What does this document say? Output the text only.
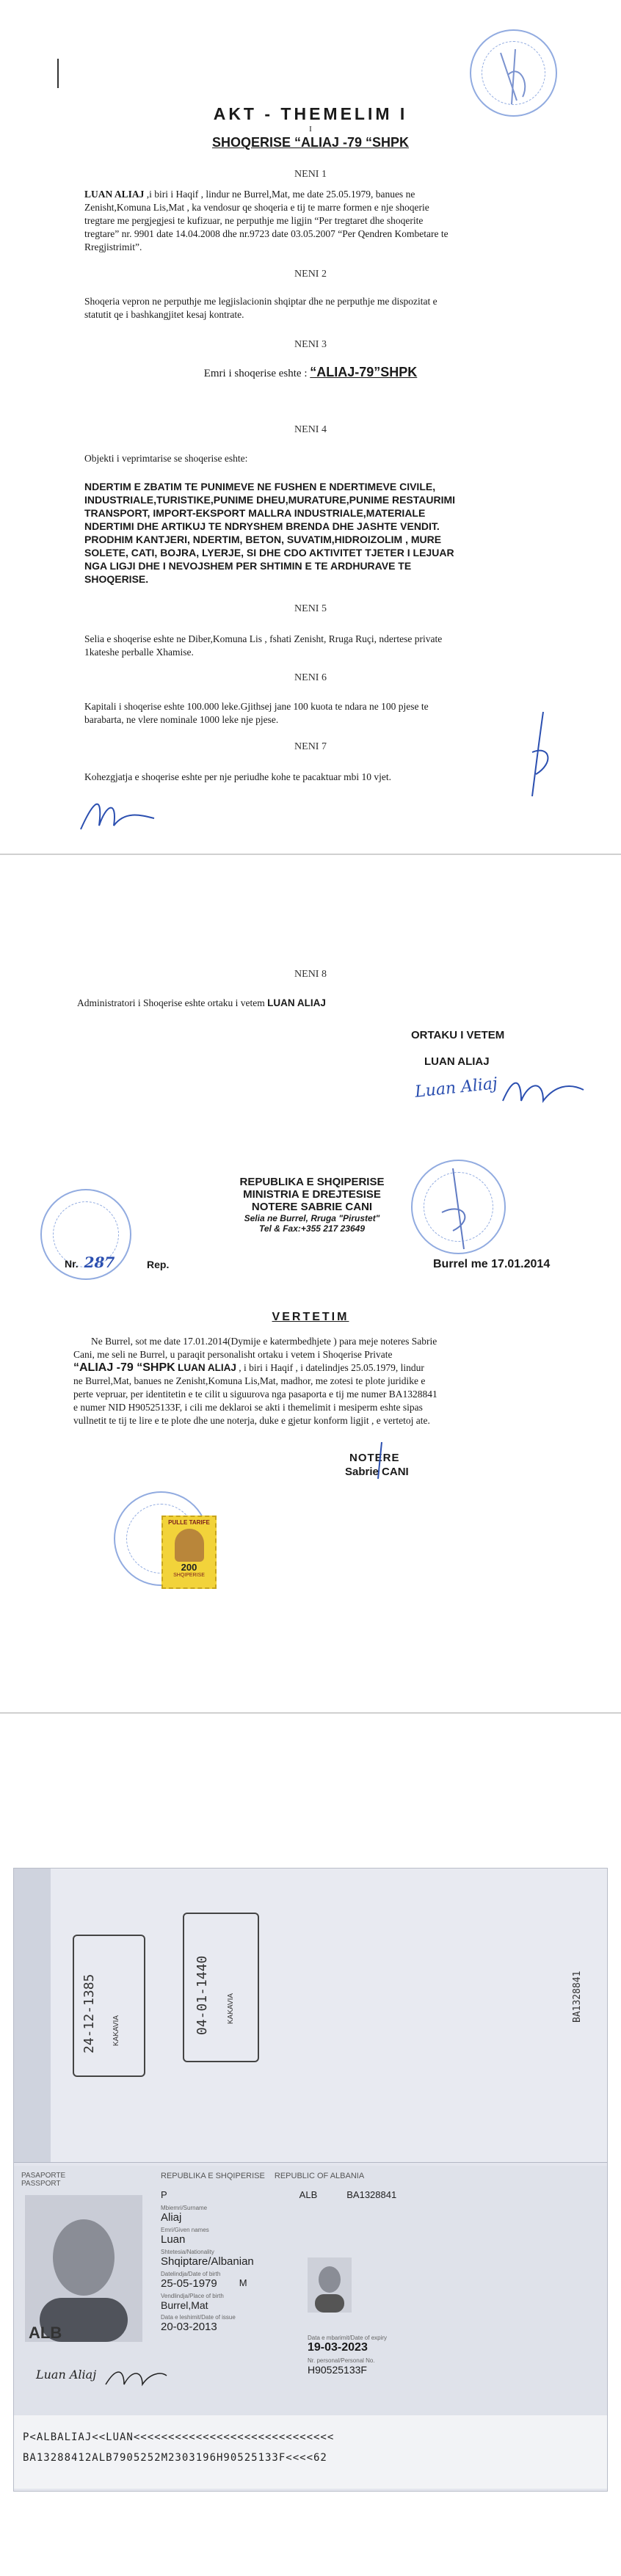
AKT - THEMELIM I
I
SHOQERISE “ALIAJ -79 “SHPK
NENI 1
LUAN ALIAJ ,i biri i Haqif , lindur ne Burrel,Mat, me date 25.05.1979, banues ne
Zenisht,Komuna Lis,Mat , ka vendosur qe shoqeria e tij te marre formen e nje shoqerie
tregtare me pergjegjesi te kufizuar, ne perputhje me ligjin “Per tregtaret dhe shoqerite
tregtare” nr. 9901 date 14.04.2008 dhe nr.9723 date 03.05.2007 “Per Qendren Kombetare te
Rregjistrimit”.
NENI 2
Shoqeria vepron ne perputhje me legjislacionin shqiptar dhe ne perputhje me dispozitat e
statutit qe i bashkangjitet kesaj kontrate.
NENI 3
Emri i shoqerise eshte : “ALIAJ-79”SHPK
NENI 4
Objekti i veprimtarise se shoqerise eshte:
NDERTIM E ZBATIM TE PUNIMEVE NE FUSHEN E NDERTIMEVE CIVILE,
INDUSTRIALE,TURISTIKE,PUNIME DHEU,MURATURE,PUNIME RESTAURIMI
TRANSPORT, IMPORT-EKSPORT MALLRA INDUSTRIALE,MATERIALE
NDERTIMI DHE ARTIKUJ TE NDRYSHEM BRENDA DHE JASHTE VENDIT.
PRODHIM KANTJERI, NDERTIM, BETON, SUVATIM,HIDROIZOLIM , MURE
SOLETE, CATI, BOJRA, LYERJE, SI DHE CDO AKTIVITET TJETER I LEJUAR
NGA LIGJI DHE I NEVOJSHEM PER SHTIMIN E TE ARDHURAVE TE
SHOQERISE.
NENI 5
Selia e shoqerise eshte ne Diber,Komuna Lis , fshati Zenisht, Rruga Ruçi, ndertese private
1kateshe perballe Xhamise.
NENI 6
Kapitali i shoqerise eshte 100.000 leke.Gjithsej jane 100 kuota te ndara ne 100 pjese te
barabarta, ne vlere nominale 1000 leke nje pjese.
NENI 7
Kohezgjatja e shoqerise eshte per nje periudhe kohe te pacaktuar mbi 10 vjet.
NENI 8
Administratori i Shoqerise eshte ortaku i vetem LUAN ALIAJ
ORTAKU I VETEM
LUAN ALIAJ
Luan Aliaj
REPUBLIKA E SHQIPERISE
MINISTRIA E DREJTESISE
NOTERE SABRIE CANI
Selia ne Burrel, Rruga "Pirustet"
Tel & Fax:+355 217 23649
Nr. 287	Rep.	Burrel me 17.01.2014
VERTETIM
Ne Burrel, sot me date 17.01.2014(Dymije e katermbedhjete ) para meje noteres Sabrie
Cani, me seli ne Burrel, u paraqit personalisht ortaku i vetem i Shoqerise Private
“ALIAJ -79 “SHPK LUAN ALIAJ , i biri i Haqif , i datelindjes 25.05.1979, lindur
ne Burrel,Mat, banues ne Zenisht,Komuna Lis,Mat, madhor, me zotesi te plote juridike e
perte vepruar, per identitetin e te cilit u siguurova nga pasaporta e tij me numer BA1328841
e numer NID H90525133F, i cili me deklaroi se akti i themelimit i mesiperm eshte sipas
vullnetit te tij te lire e te plote dhe une noterja, duke e gjetur konform ligjit , e vertetoj ate.
NOTERE
Sabrie CANI
PULLE TARIFE
200
SHQIPERISE
24-12-1385 KAKAVIA	04-01-1440 KAKAVIA	BA1328841
PASAPORTE
PASSPORT
REPUBLIKA E SHQIPERISE REPUBLIC OF ALBANIA
ALB
P	ALB	BA1328841
Mbiemri/Surname
Aliaj
Emri/Given names
Luan
Shtetesia/Nationality
Shqiptare/Albanian
Datelindja/Date of birth
25-05-1979 M
Vendlindja/Place of birth
Burrel,Mat
Data e leshimit/Date of issue
20-03-2013
Data e mbarimit/Date of expiry
19-03-2023
Nr. personal/Personal No.
H90525133F
Luan Aliaj
P<ALBALIAJ<<LUAN<<<<<<<<<<<<<<<<<<<<<<<<<<<<<
BA13288412ALB7905252M2303196H90525133F<<<<62
